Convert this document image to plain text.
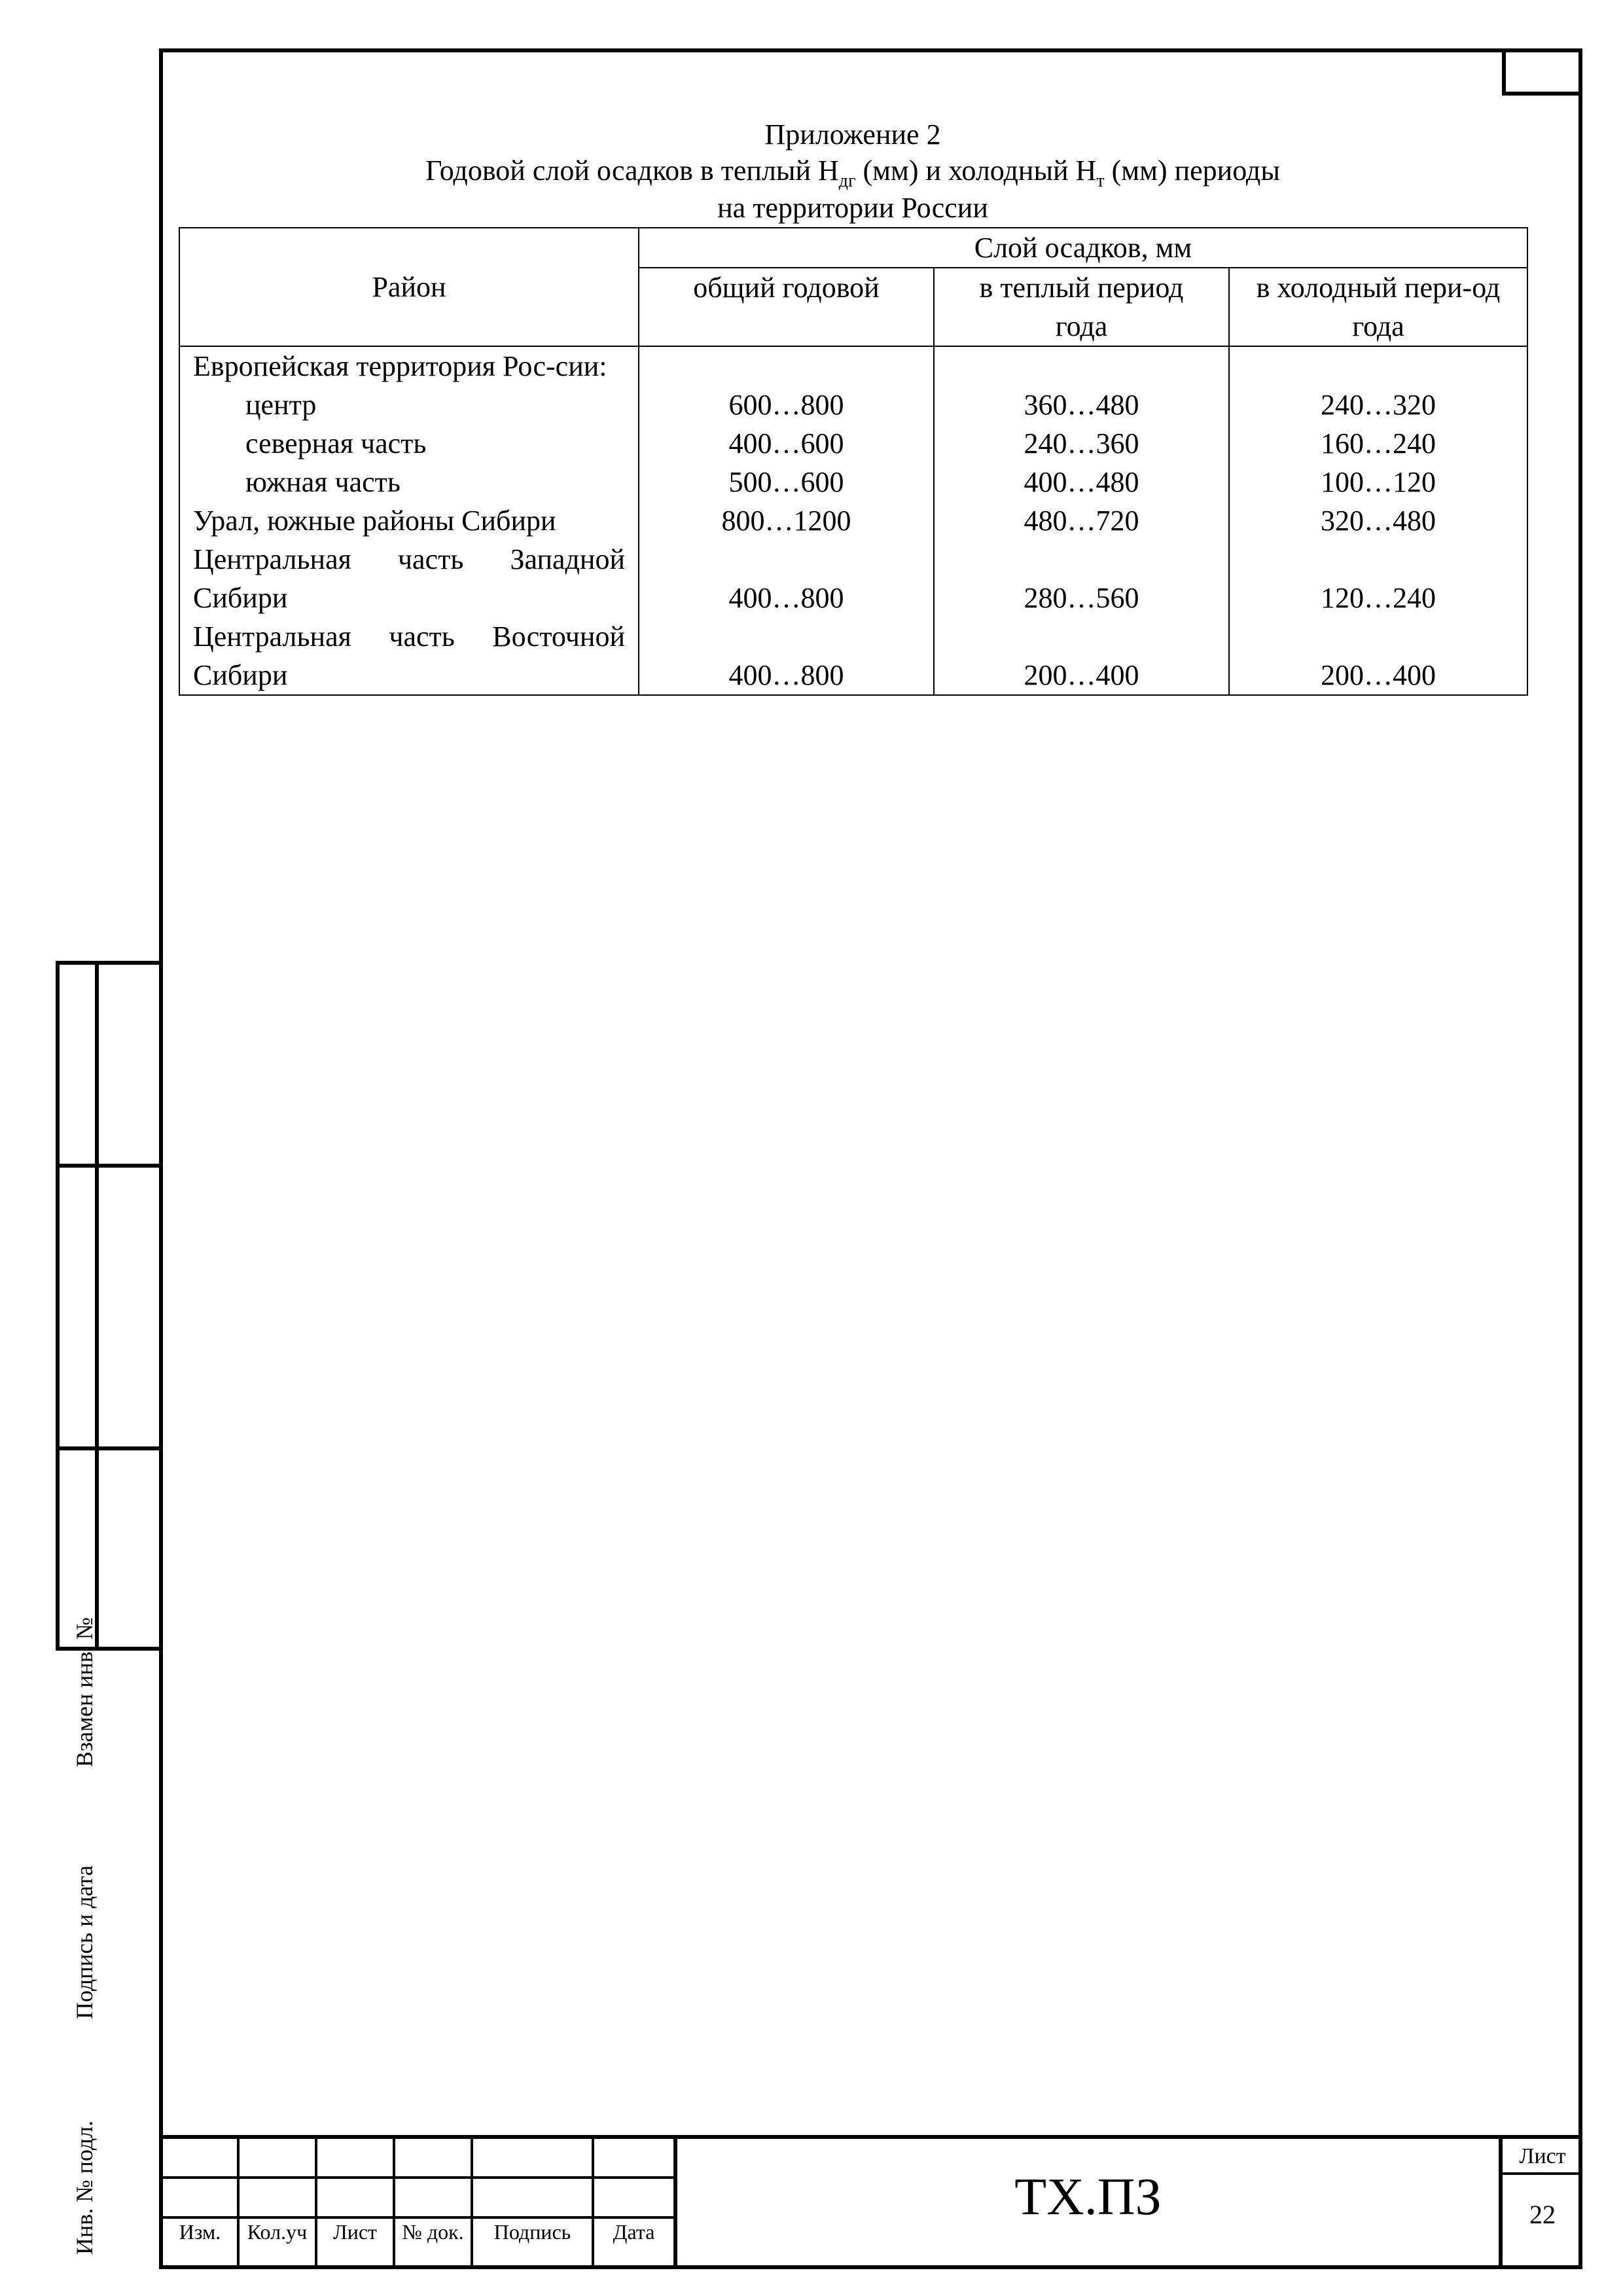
Приложение 2
Годовой слой осадков в теплый $Н_{дг}$ (мм) и холодный $Н_т$ (мм) периоды
на территории России
Район	Слой осадков, мм		
	общий годовой	в теплый период года	в холодный пери-од года

Европейская территория Рос-сии:			

центр	600…800	360…480	240…320

северная часть	400…600	240…360	160…240

южная часть	500…600	400…480	100…120

Урал, южные районы Сибири	800…1200	480…720	320…480

Центральная часть Западной Сибири	400…800	280…560	120…240

Центральная часть Восточной Сибири	400…800	200…400	200…400
Взамен инв. №
Подпись и дата
Инв. № подл.	Изм.	Кол.уч	Лист	№ док.	Подпись	Дата
ТХ.ПЗ
Лист
22
